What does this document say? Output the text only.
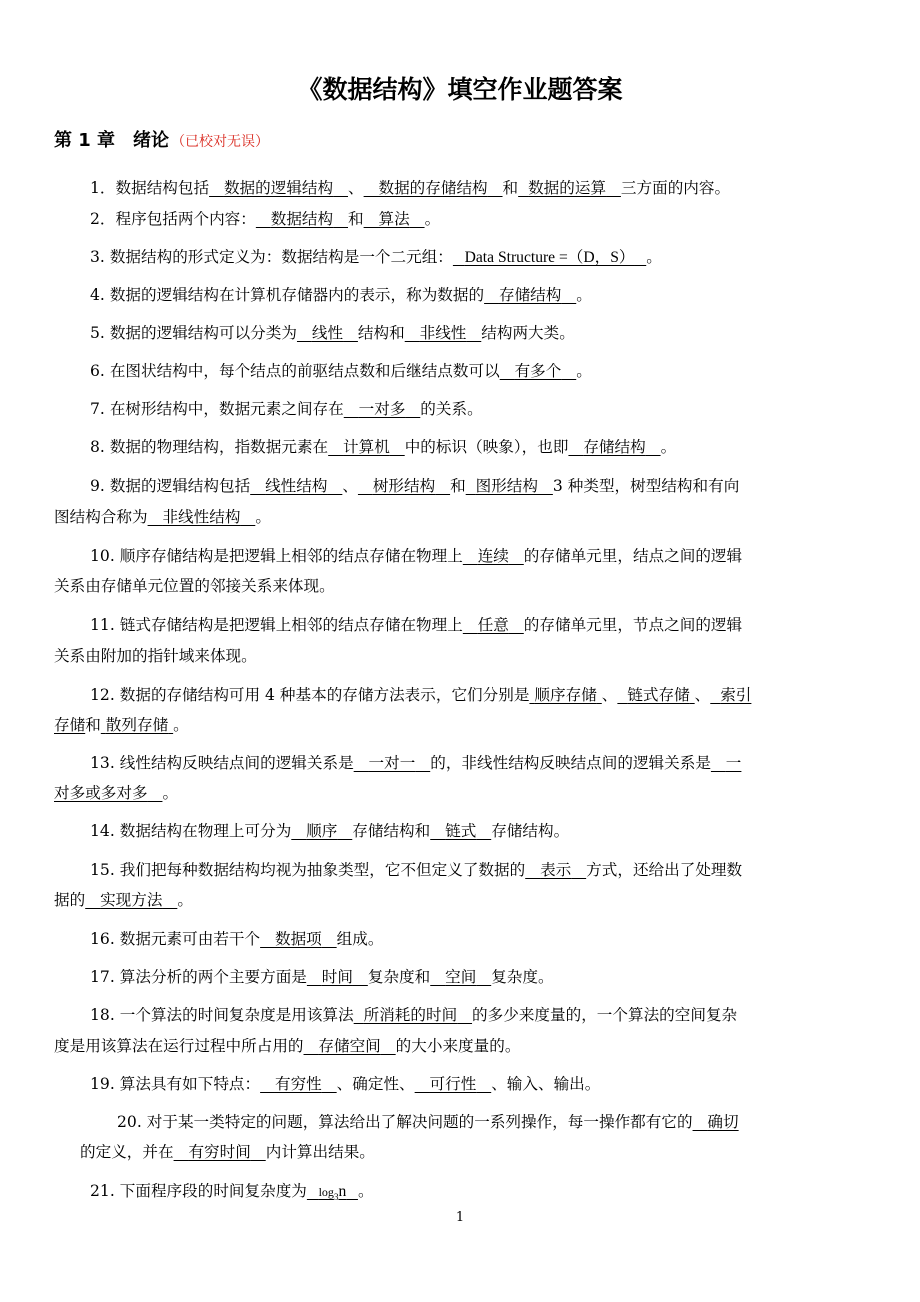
《数据结构》填空作业题答案
第 1 章　绪论 （已校对无误）
1．数据结构包括 数据的逻辑结构 、 数据的存储结构 和 数据的运算 三方面的内容。
2．程序包括两个内容： 数据结构 和 算法 。
3. 数据结构的形式定义为：数据结构是一个二元组： Data Structure =（D，S） 。
4. 数据的逻辑结构在计算机存储器内的表示，称为数据的 存储结构 。
5. 数据的逻辑结构可以分类为 线性 结构和 非线性 结构两大类。
6. 在图状结构中，每个结点的前驱结点数和后继结点数可以 有多个 。
7. 在树形结构中，数据元素之间存在 一对多 的关系。
8. 数据的物理结构，指数据元素在 计算机 中的标识（映象），也即 存储结构 。
9. 数据的逻辑结构包括 线性结构 、 树形结构 和 图形结构 3 种类型，树型结构和有向
图结构合称为 非线性结构 。
10. 顺序存储结构是把逻辑上相邻的结点存储在物理上 连续 的存储单元里，结点之间的逻辑
关系由存储单元位置的邻接关系来体现。
11. 链式存储结构是把逻辑上相邻的结点存储在物理上 任意 的存储单元里，节点之间的逻辑
关系由附加的指针域来体现。
12. 数据的存储结构可用 4 种基本的存储方法表示，它们分别是 顺序存储 、 链式存储 、 索引
存储和 散列存储 。
13. 线性结构反映结点间的逻辑关系是 一对一 的，非线性结构反映结点间的逻辑关系是 一
对多或多对多 。
14. 数据结构在物理上可分为 顺序 存储结构和 链式 存储结构。
15. 我们把每种数据结构均视为抽象类型，它不但定义了数据的 表示 方式，还给出了处理数
据的 实现方法 。
16. 数据元素可由若干个 数据项 组成。
17. 算法分析的两个主要方面是 时间 复杂度和 空间 复杂度。
18. 一个算法的时间复杂度是用该算法 所消耗的时间 的多少来度量的，一个算法的空间复杂
度是用该算法在运行过程中所占用的 存储空间 的大小来度量的。
19. 算法具有如下特点： 有穷性 、确定性、 可行性 、输入、输出。
20. 对于某一类特定的问题，算法给出了解决问题的一系列操作，每一操作都有它的 确切
的定义，并在 有穷时间 内计算出结果。
21. 下面程序段的时间复杂度为 $\log_3n$ 。
1
